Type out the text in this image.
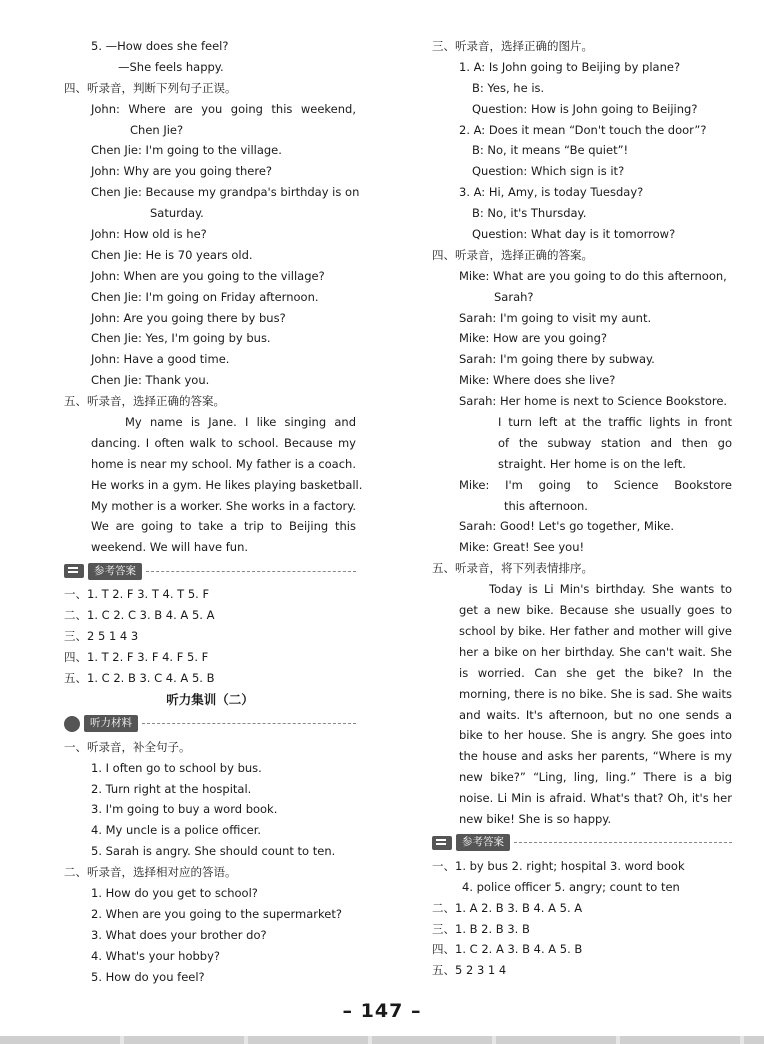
5. —How does she feel?
—She feels happy.
四、听录音，判断下列句子正误。
John: Where are you going this weekend,
Chen Jie?
Chen Jie: I'm going to the village.
John: Why are you going there?
Chen Jie: Because my grandpa's birthday is on
Saturday.
John: How old is he?
Chen Jie: He is 70 years old.
John: When are you going to the village?
Chen Jie: I'm going on Friday afternoon.
John: Are you going there by bus?
Chen Jie: Yes, I'm going by bus.
John: Have a good time.
Chen Jie: Thank you.
五、听录音，选择正确的答案。
My name is Jane. I like singing and
dancing. I often walk to school. Because my
home is near my school. My father is a coach.
He works in a gym. He likes playing basketball.
My mother is a worker. She works in a factory.
We are going to take a trip to Beijing this
weekend. We will have fun.
参考答案
一、1. T 2. F 3. T 4. T 5. F
二、1. C 2. C 3. B 4. A 5. A
三、2 5 1 4 3
四、1. T 2. F 3. F 4. F 5. F
五、1. C 2. B 3. C 4. A 5. B
听力集训（二）
听力材料
一、听录音，补全句子。
1. I often go to school by bus.
2. Turn right at the hospital.
3. I'm going to buy a word book.
4. My uncle is a police officer.
5. Sarah is angry. She should count to ten.
二、听录音，选择相对应的答语。
1. How do you get to school?
2. When are you going to the supermarket?
3. What does your brother do?
4. What's your hobby?
5. How do you feel?
三、听录音，选择正确的图片。
1. A: Is John going to Beijing by plane?
B: Yes, he is.
Question: How is John going to Beijing?
2. A: Does it mean “Don't touch the door”?
B: No, it means “Be quiet”!
Question: Which sign is it?
3. A: Hi, Amy, is today Tuesday?
B: No, it's Thursday.
Question: What day is it tomorrow?
四、听录音，选择正确的答案。
Mike: What are you going to do this afternoon,
Sarah?
Sarah: I'm going to visit my aunt.
Mike: How are you going?
Sarah: I'm going there by subway.
Mike: Where does she live?
Sarah: Her home is next to Science Bookstore.
I turn left at the traffic lights in front
of the subway station and then go
straight. Her home is on the left.
Mike: I'm going to Science Bookstore
this afternoon.
Sarah: Good! Let's go together, Mike.
Mike: Great! See you!
五、听录音，将下列表情排序。
Today is Li Min's birthday. She wants to
get a new bike. Because she usually goes to
school by bike. Her father and mother will give
her a bike on her birthday. She can't wait. She
is worried. Can she get the bike? In the
morning, there is no bike. She is sad. She waits
and waits. It's afternoon, but no one sends a
bike to her house. She is angry. She goes into
the house and asks her parents, “Where is my
new bike?” “Ling, ling, ling.” There is a big
noise. Li Min is afraid. What's that? Oh, it's her
new bike! She is so happy.
参考答案
一、1. by bus 2. right; hospital 3. word book
4. police officer 5. angry; count to ten
二、1. A 2. B 3. B 4. A 5. A
三、1. B 2. B 3. B
四、1. C 2. A 3. B 4. A 5. B
五、5 2 3 1 4
– 147 –
